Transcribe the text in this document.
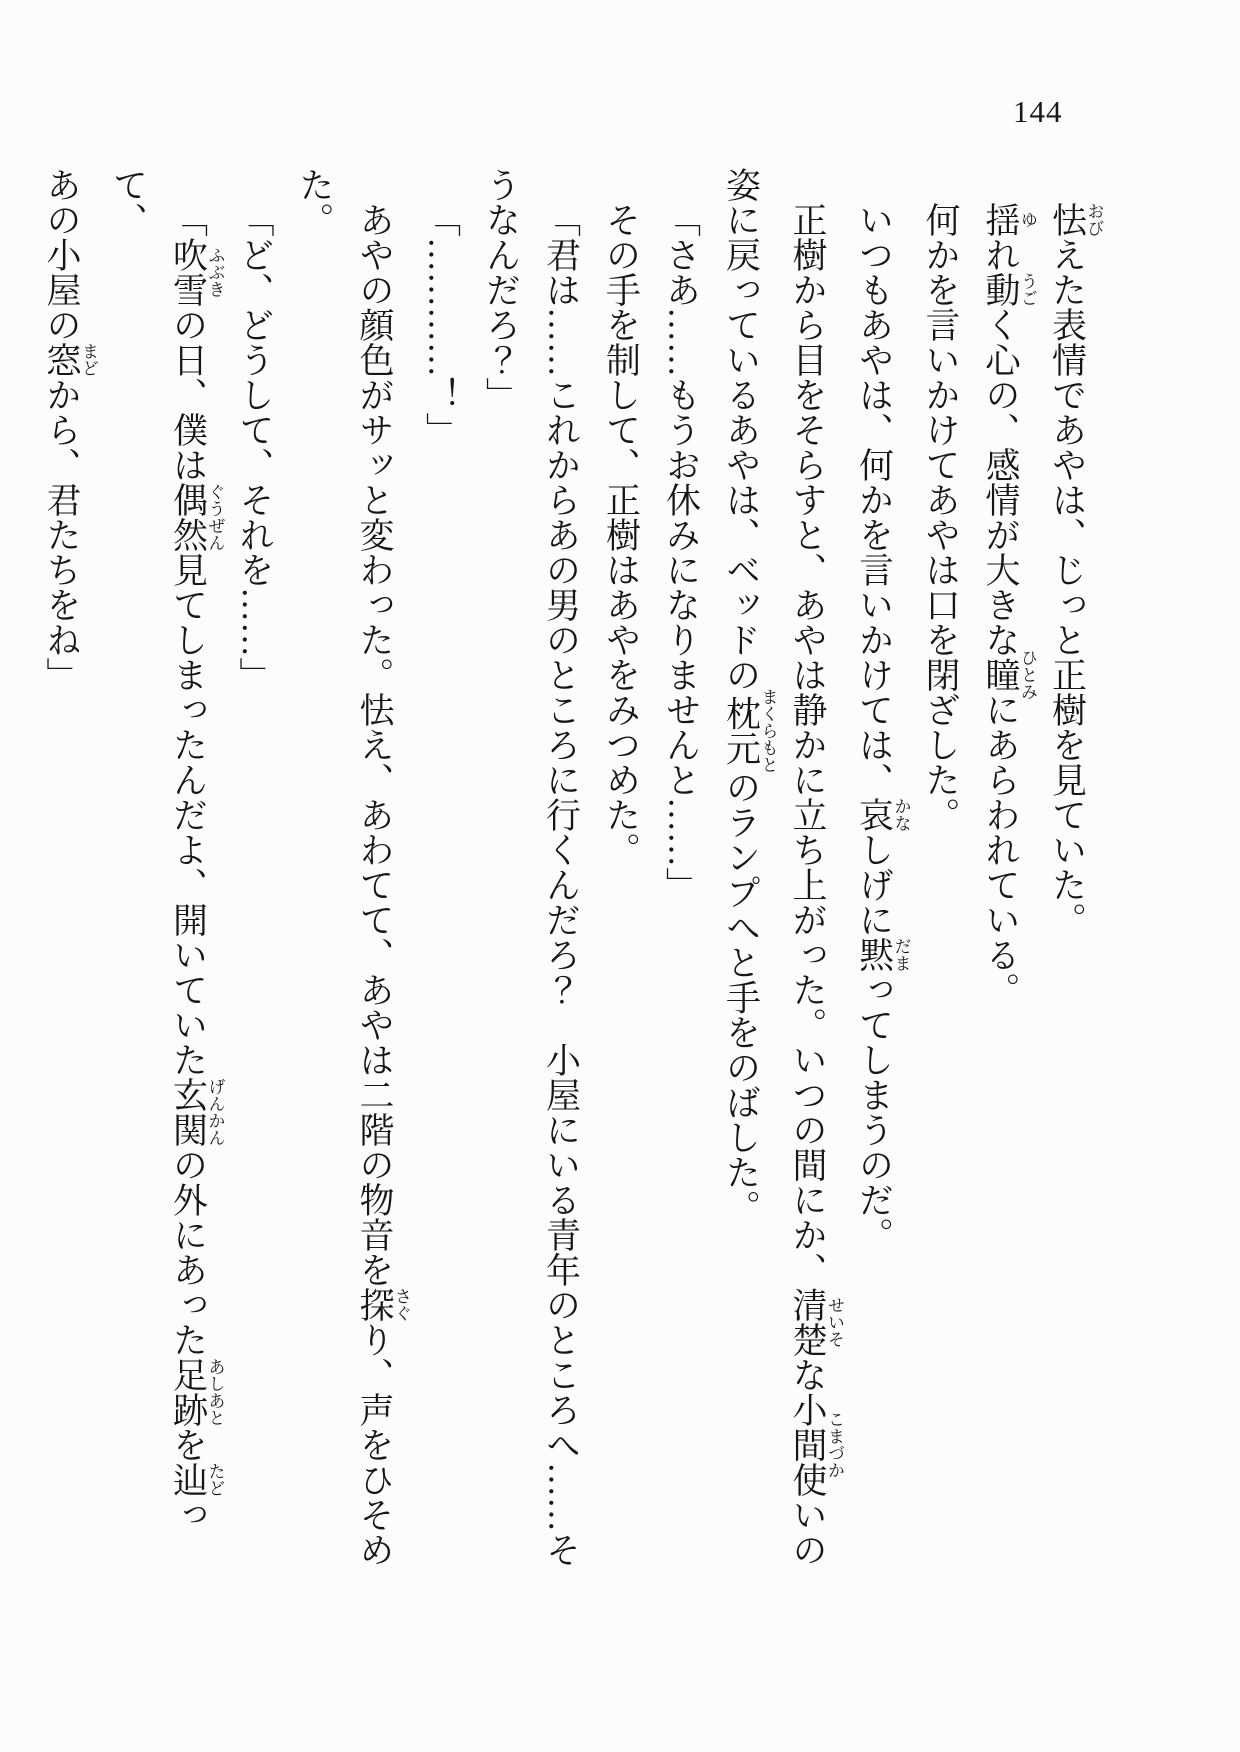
144
怯おびえた表情であやは、じっと正樹を見ていた。
揺ゆれ動うごく心の、感情が大きな瞳ひとみにあらわれている。
何かを言いかけてあやは口を閉ざした。
いつもあやは、何かを言いかけては、哀かなしげに黙だまってしまうのだ。
正樹から目をそらすと、あやは静かに立ち上がった。いつの間にか、清楚せいそな小間使こまづかいの
姿に戻っているあやは、ベッドの枕元まくらもとのランプへと手をのばした。
「さあ……もうお休みになりませんと……」
その手を制して、正樹はあやをみつめた。
「君は……これからあの男のところに行くんだろ？　小屋にいる青年のところへ……そ
うなんだろ？」
「…………！」
あやの顔色がサッと変わった。怯え、あわてて、あやは二階の物音を探さぐり、声をひそめ
た。
「ど、どうして、それを……」
「吹雪ふぶきの日、僕は偶然ぐうぜん見てしまったんだよ、開いていた玄関げんかんの外にあった足跡あしあとを辿たどって、
あの小屋の窓まどから、君たちをね」
